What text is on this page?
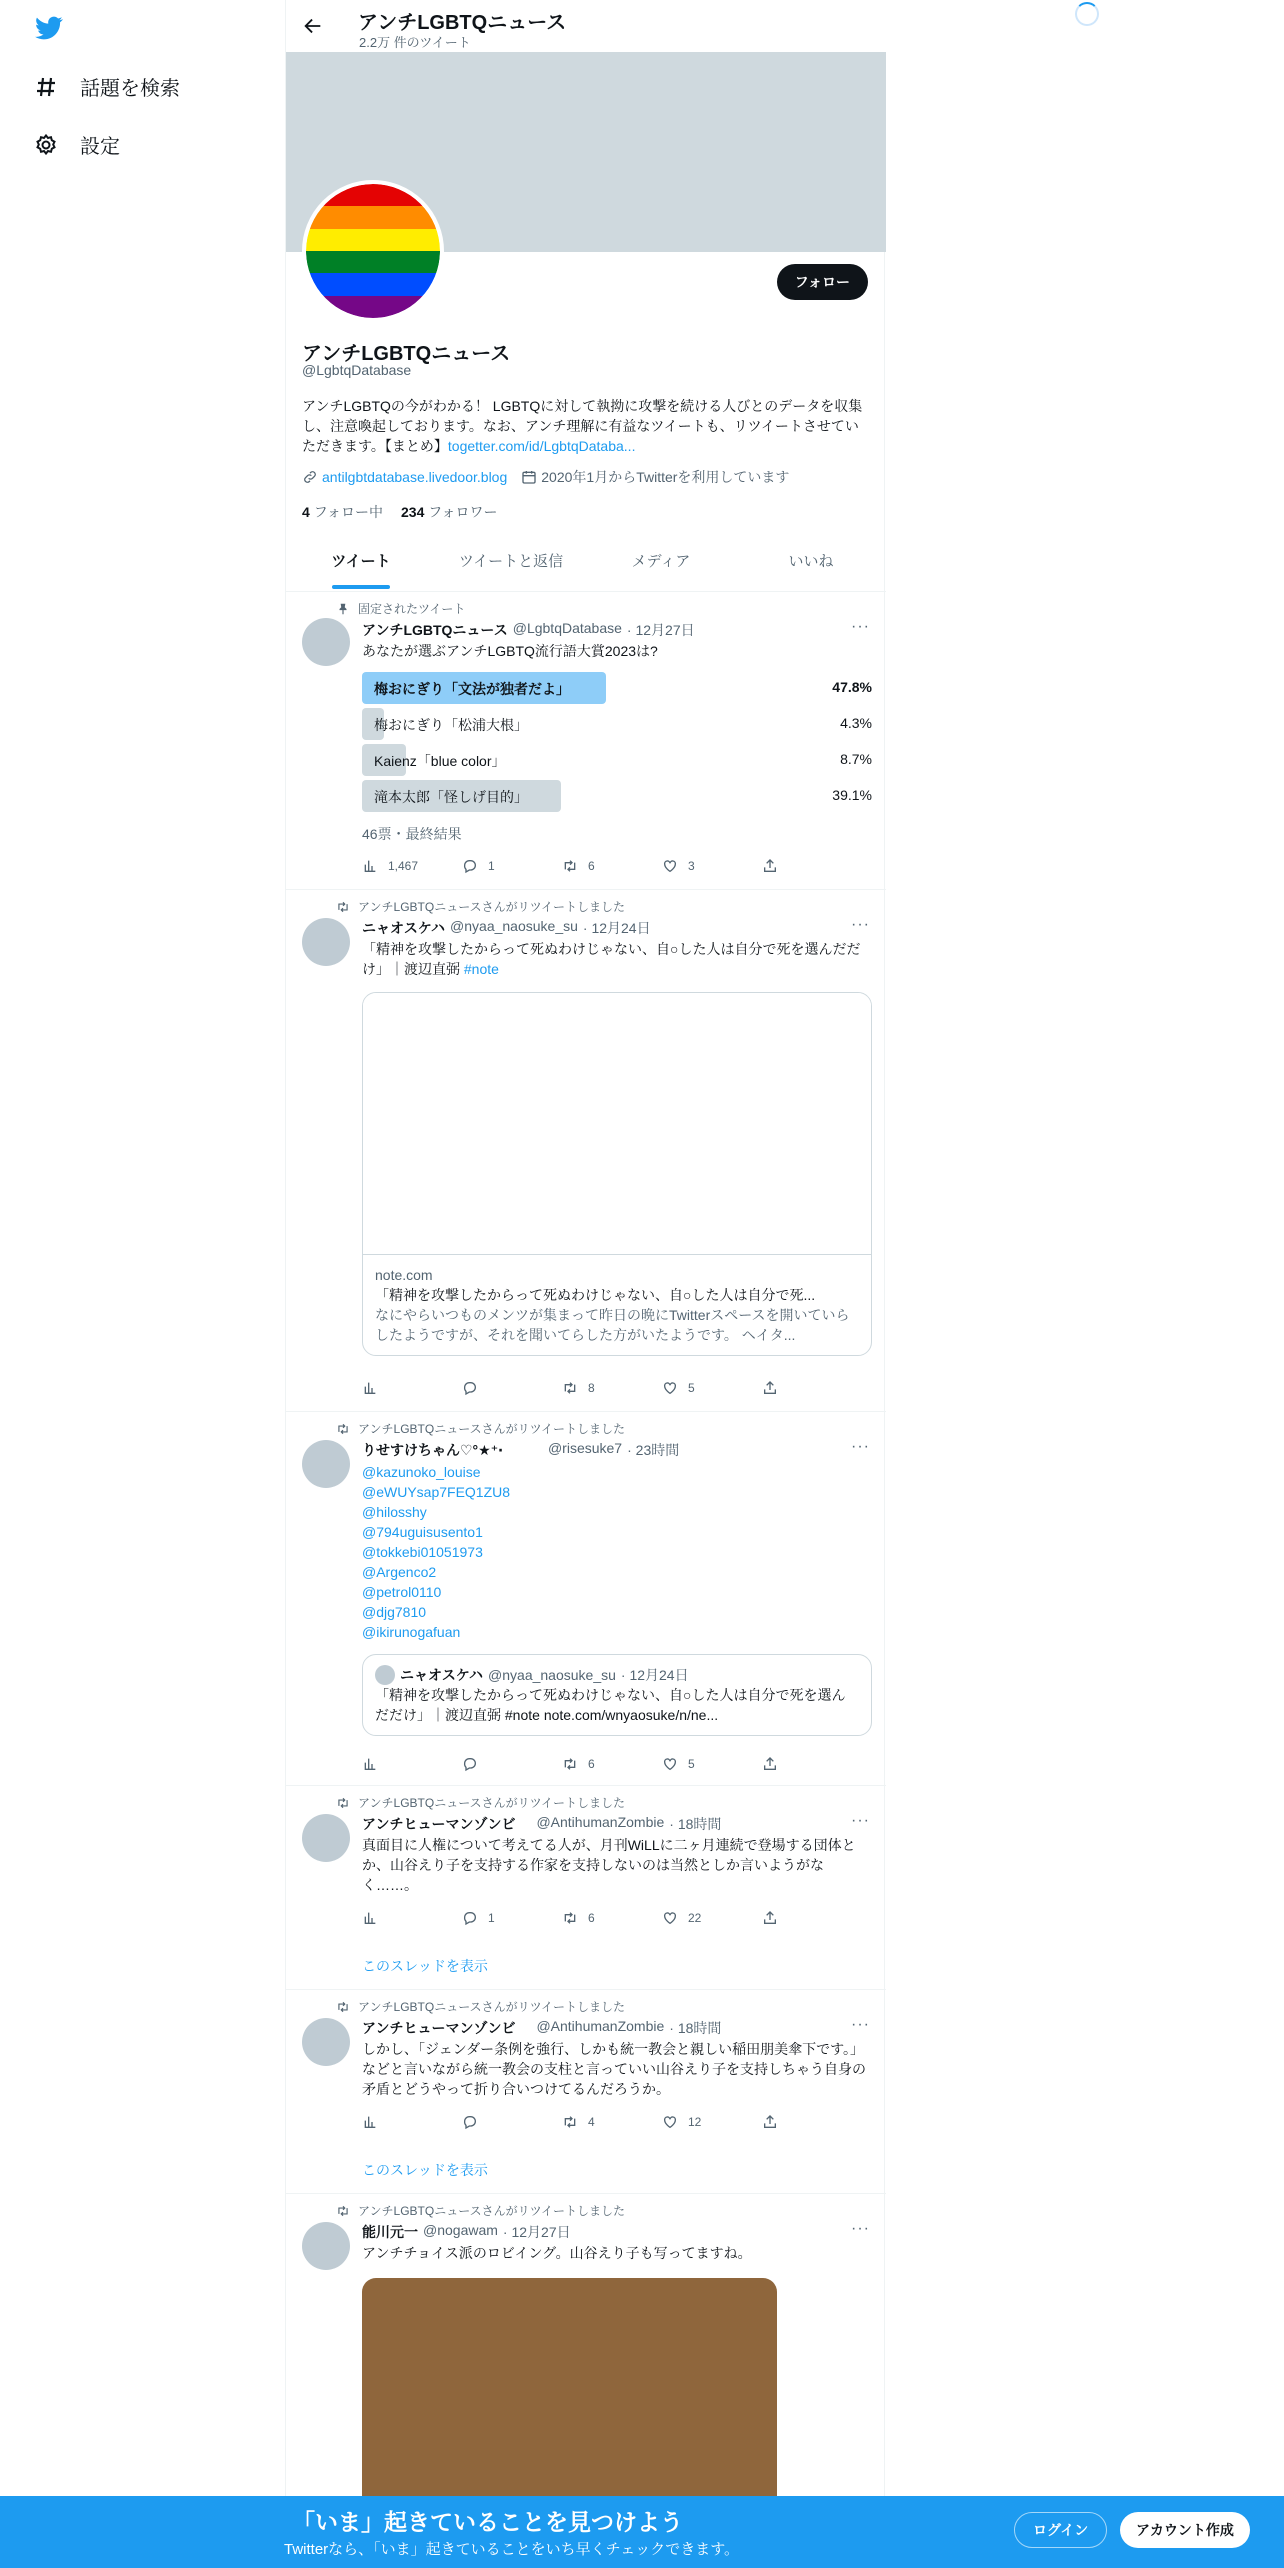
話題を検索
設定
アンチLGBTQニュース
2.2万 件のツイート
フォロー
アンチLGBTQニュース
@LgbtqDatabase
アンチLGBTQの今がわかる！ LGBTQに対して執拗に攻撃を続ける人びとのデータを収集し、注意喚起しております。なお、アンチ理解に有益なツイートも、リツイートさせていただきます。【まとめ】togetter.com/id/LgbtqDataba...
antilgbtdatabase.livedoor.blog 2020年1月からTwitterを利用しています
4 フォロー中 234 フォロワー
ツイート	ツイートと返信	メディア	いいね
固定されたツイート
アンチLGBTQニュース @LgbtqDatabase · 12月27日	···
あなたが選ぶアンチLGBTQ流行語大賞2023は?
梅おにぎり「文法が独者だよ」	47.8%
梅おにぎり「松浦大根」	4.3%
Kaienz「blue color」	8.7%
滝本太郎「怪しげ目的」	39.1%
46票・最終結果
1,467	1	6	3
アンチLGBTQニュースさんがリツイートしました
ニャオスケハ @nyaa_naosuke_su · 12月24日	···
「精神を攻撃したからって死ぬわけじゃない、自○した人は自分で死を選んだだけ」｜渡辺直弼 #note
note.com
「精神を攻撃したからって死ぬわけじゃない、自○した人は自分で死...
なにやらいつものメンツが集まって昨日の晩にTwitterスペースを開いていらしたようですが、それを聞いてらした方がいたようです。 ヘイタ...
8	5
アンチLGBTQニュースさんがリツイートしました
りせすけちゃん♡°★⁺‧	@risesuke7 · 23時間	···
@kazunoko_louise
@eWUYsap7FEQ1ZU8
@hilosshy
@794uguisusento1
@tokkebi01051973
@Argenco2
@petrol0110
@djg7810
@ikirunogafuan
ニャオスケハ @nyaa_naosuke_su · 12月24日
「精神を攻撃したからって死ぬわけじゃない、自○した人は自分で死を選んだだけ」｜渡辺直弼 #note note.com/wnyaosuke/n/ne...
6	5
アンチLGBTQニュースさんがリツイートしました
アンチヒューマンゾンビ @AntihumanZombie · 18時間	···
真面目に人権について考えてる人が、月刊WiLLに二ヶ月連続で登場する団体とか、山谷えり子を支持する作家を支持しないのは当然としか言いようがなく……。
1	6	22
このスレッドを表示
アンチLGBTQニュースさんがリツイートしました
アンチヒューマンゾンビ @AntihumanZombie · 18時間	···
しかし、「ジェンダー条例を強行、しかも統一教会と親しい稲田朋美傘下です。」などと言いながら統一教会の支柱と言っていい山谷えり子を支持しちゃう自身の矛盾とどうやって折り合いつけてるんだろうか。
4	12
このスレッドを表示
アンチLGBTQニュースさんがリツイートしました
能川元一 @nogawam · 12月27日	···
アンチチョイス派のロビイング。山谷えり子も写ってますね。
「いま」起きていることを見つけよう
Twitterなら、「いま」起きていることをいち早くチェックできます。
ログイン	アカウント作成
